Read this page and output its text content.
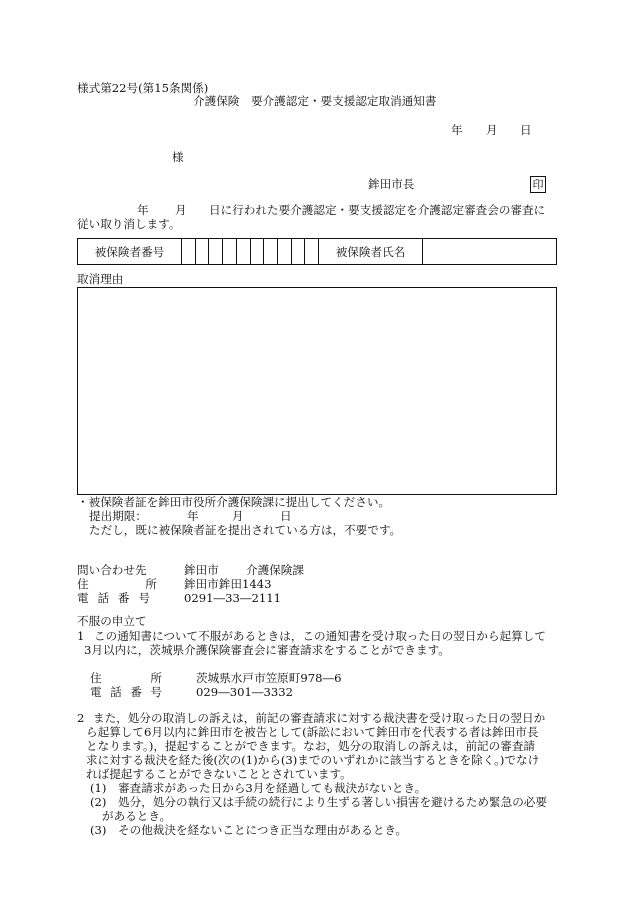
様式第22号(第15条関係)
介護保険　要介護認定・要支援認定取消通知書
年 月 日
様
鉾田市長	印
年 月 日に行われた要介護認定・要支援認定を介護認定審査会の審査に
従い取り消します。
被保険者番号	被保険者氏名
取消理由
・被保険者証を鉾田市役所介護保険課に提出してください。
提出期限：	年	月	日
ただし，既に被保険者証を提出されている方は，不要です。
問い合わせ先	鉾田市 介護保険課
住所 鉾田市鉾田1443
電話番号	0291―33―2111
不服の申立て
1 この通知書について不服があるときは，この通知書を受け取った日の翌日から起算して
3月以内に，茨城県介護保険審査会に審査請求をすることができます。
住所	茨城県水戸市笠原町978―6
電話番号	029―301―3332
2 また，処分の取消しの訴えは，前記の審査請求に対する裁決書を受け取った日の翌日か
ら起算して6月以内に鉾田市を被告として(訴訟において鉾田市を代表する者は鉾田市長
となります。)，提起することができます。なお，処分の取消しの訴えは，前記の審査請
求に対する裁決を経た後(次の(1)から(3)までのいずれかに該当するときを除く。)でなけ
れば提起することができないこととされています。
(1) 審査請求があった日から3月を経過しても裁決がないとき。
(2) 処分，処分の執行又は手続の続行により生ずる著しい損害を避けるため緊急の必要
があるとき。
(3) その他裁決を経ないことにつき正当な理由があるとき。
